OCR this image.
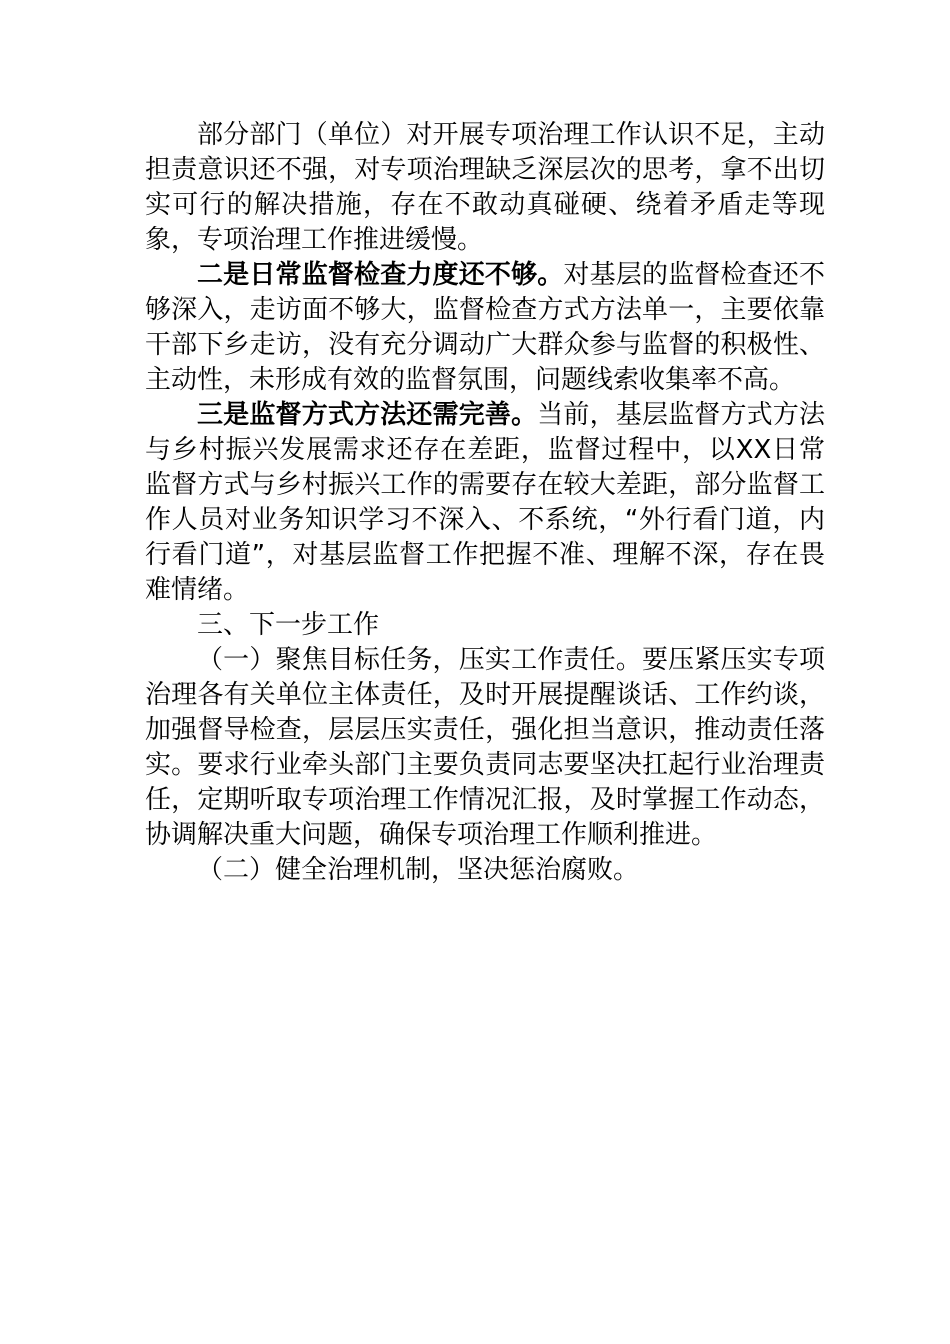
部分部门（单位）对开展专项治理工作认识不足，主动担责意识还不强，对专项治理缺乏深层次的思考，拿不出切实可行的解决措施，存在不敢动真碰硬、绕着矛盾走等现象，专项治理工作推进缓慢。

二是日常监督检查力度还不够。对基层的监督检查还不够深入，走访面不够大，监督检查方式方法单一，主要依靠干部下乡走访，没有充分调动广大群众参与监督的积极性、主动性，未形成有效的监督氛围，问题线索收集率不高。

三是监督方式方法还需完善。当前，基层监督方式方法与乡村振兴发展需求还存在差距，监督过程中，以XX日常监督方式与乡村振兴工作的需要存在较大差距，部分监督工作人员对业务知识学习不深入、不系统，“外行看门道，内行看门道”，对基层监督工作把握不准、理解不深，存在畏难情绪。

三、下一步工作

（一）聚焦目标任务，压实工作责任。要压紧压实专项治理各有关单位主体责任，及时开展提醒谈话、工作约谈，加强督导检查，层层压实责任，强化担当意识，推动责任落实。要求行业牵头部门主要负责同志要坚决扛起行业治理责任，定期听取专项治理工作情况汇报，及时掌握工作动态，协调解决重大问题，确保专项治理工作顺利推进。

（二）健全治理机制，坚决惩治腐败。
